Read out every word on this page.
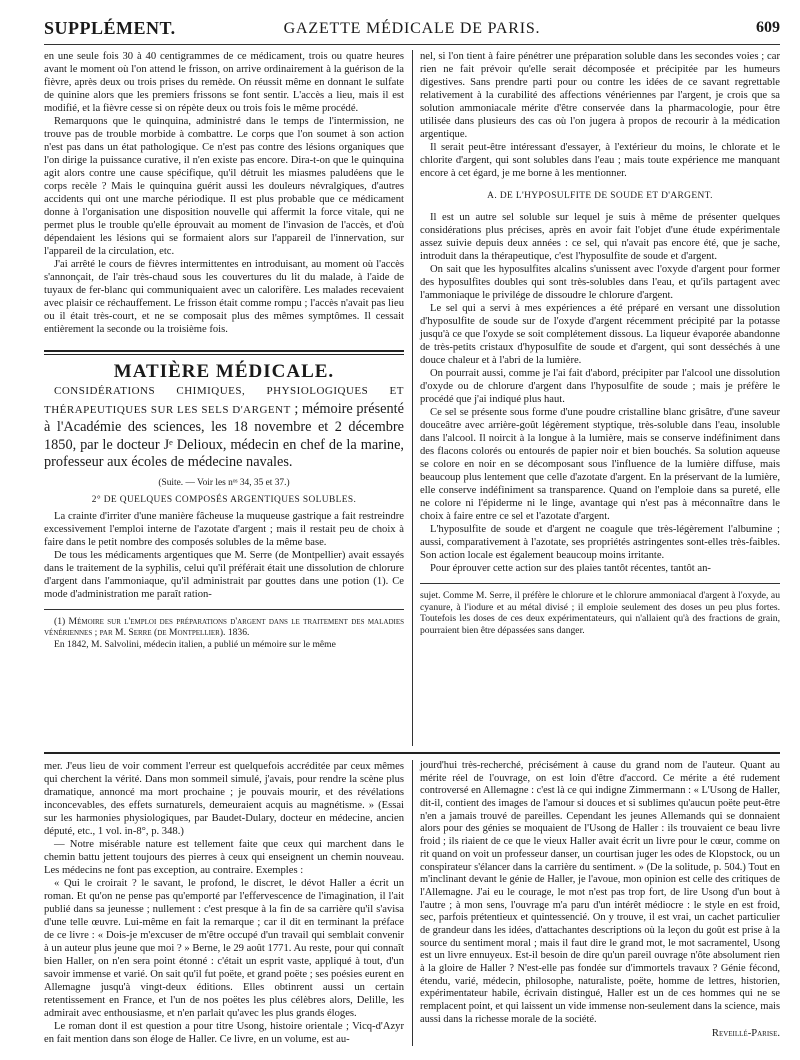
SUPPLÉMENT.	GAZETTE MÉDICALE DE PARIS.	609

en une seule fois 30 à 40 centigrammes de ce médicament, trois ou quatre heures avant le moment où l'on attend le frisson, on arrive ordinairement à la guérison de la fièvre, après deux ou trois prises du remède. On réussit même en donnant le sulfate de quinine alors que les premiers frissons se font sentir. L'accès a lieu, mais il est modifié, et la fièvre cesse si on répète deux ou trois fois le même procédé.

Remarquons que le quinquina, administré dans le temps de l'intermission, ne trouve pas de trouble morbide à combattre. Le corps que l'on soumet à son action n'est pas dans un état pathologique. Ce n'est pas contre des lésions organiques que l'on dirige la puissance curative, il n'en existe pas encore. Dira-t-on que le quinquina agit alors contre une cause spécifique, qu'il détruit les miasmes paludéens que le corps recèle ? Mais le quinquina guérit aussi les douleurs névralgiques, d'autres accidents qui ont une marche périodique. Il est plus probable que ce médicament donne à l'organisation une disposition nouvelle qui affermit la force vitale, qui ne permet plus le trouble qu'elle éprouvait au moment de l'invasion de l'accès, et d'où dépendaient les lésions qui se formaient alors sur l'appareil de l'innervation, sur l'appareil de la circulation, etc.

J'ai arrêté le cours de fièvres intermittentes en introduisant, au moment où l'accès s'annonçait, de l'air très-chaud sous les couvertures du lit du malade, à l'aide de tuyaux de fer-blanc qui communiquaient avec un calorifère. Les malades recevaient avec plaisir ce réchauffement. Le frisson était comme rompu ; l'accès n'avait pas lieu ou il était très-court, et ne se composait plus des mêmes symptômes. Il cessait entièrement la seconde ou la troisième fois.

MATIÈRE MÉDICALE.
CONSIDÉRATIONS CHIMIQUES, PHYSIOLOGIQUES ET THÉRAPEUTIQUES SUR LES SELS D'ARGENT ; mémoire présenté à l'Académie des sciences, les 18 novembre et 2 décembre 1850, par le docteur Jᵉ Delioux, médecin en chef de la marine, professeur aux écoles de médecine navales.
(Suite. — Voir les nᵒˢ 34, 35 et 37.)
2° DE QUELQUES COMPOSÉS ARGENTIQUES SOLUBLES.

La crainte d'irriter d'une manière fâcheuse la muqueuse gastrique a fait restreindre excessivement l'emploi interne de l'azotate d'argent ; mais il restait peu de choix à faire dans le petit nombre des composés solubles de la même base.

De tous les médicaments argentiques que M. Serre (de Montpellier) avait essayés dans le traitement de la syphilis, celui qu'il préférait était une dissolution de chlorure d'argent dans l'ammoniaque, qu'il administrait par gouttes dans une potion (1). Ce mode d'administration me paraît ration-

(1) Mémoire sur l'emploi des préparations d'argent dans le traitement des maladies vénériennes ; par M. Serre (de Montpellier). 1836.

En 1842, M. Salvolini, médecin italien, a publié un mémoire sur le même

nel, si l'on tient à faire pénétrer une préparation soluble dans les secondes voies ; car rien ne fait prévoir qu'elle serait décomposée et précipitée par les humeurs digestives. Sans prendre parti pour ou contre les idées de ce savant regrettable relativement à la curabilité des affections vénériennes par l'argent, je crois que sa solution ammoniacale mérite d'être conservée dans la pharmacologie, pour être utilisée dans plusieurs des cas où l'on jugera à propos de recourir à la médication argentique.

Il serait peut-être intéressant d'essayer, à l'extérieur du moins, le chlorate et le chlorite d'argent, qui sont solubles dans l'eau ; mais toute expérience me manquant encore à cet égard, je me borne à les mentionner.

A. DE L'HYPOSULFITE DE SOUDE ET D'ARGENT.

Il est un autre sel soluble sur lequel je suis à même de présenter quelques considérations plus précises, après en avoir fait l'objet d'une étude expérimentale assez suivie depuis deux années : ce sel, qui n'avait pas encore été, que je sache, introduit dans la thérapeutique, c'est l'hyposulfite de soude et d'argent.

On sait que les hyposulfites alcalins s'unissent avec l'oxyde d'argent pour former des hyposulfites doubles qui sont très-solubles dans l'eau, et qu'ils partagent avec l'ammoniaque le privilége de dissoudre le chlorure d'argent.

Le sel qui a servi à mes expériences a été préparé en versant une dissolution d'hyposulfite de soude sur de l'oxyde d'argent récemment précipité par la potasse jusqu'à ce que l'oxyde se soit complétement dissous. La liqueur évaporée abandonne de très-petits cristaux d'hyposulfite de soude et d'argent, qui sont desséchés à une douce chaleur et à l'abri de la lumière.

On pourrait aussi, comme je l'ai fait d'abord, précipiter par l'alcool une dissolution d'oxyde ou de chlorure d'argent dans l'hyposulfite de soude ; mais je préfère le procédé que j'ai indiqué plus haut.

Ce sel se présente sous forme d'une poudre cristalline blanc grisâtre, d'une saveur douceâtre avec arrière-goût légèrement styptique, très-soluble dans l'eau, insoluble dans l'alcool. Il noircit à la longue à la lumière, mais se conserve indéfiniment dans des flacons colorés ou entourés de papier noir et bien bouchés. Sa solution aqueuse se colore en noir en se décomposant sous l'influence de la lumière diffuse, mais beaucoup plus lentement que celle d'azotate d'argent. En la préservant de la lumière, elle conserve indéfiniment sa transparence. Quand on l'emploie dans sa pureté, elle ne colore ni l'épiderme ni le linge, avantage qui n'est pas à méconnaître dans le choix à faire entre ce sel et l'azotate d'argent.

L'hyposulfite de soude et d'argent ne coagule que très-légèrement l'albumine ; aussi, comparativement à l'azotate, ses propriétés astringentes sont-elles très-faibles. Son action locale est également beaucoup moins irritante.

Pour éprouver cette action sur des plaies tantôt récentes, tantôt an-

sujet. Comme M. Serre, il préfère le chlorure et le chlorure ammoniacal d'argent à l'oxyde, au cyanure, à l'iodure et au métal divisé ; il emploie seulement des doses un peu plus fortes. Toutefois les doses de ces deux expérimentateurs, qui n'allaient qu'à des fractions de grain, pourraient bien être dépassées sans danger.

mer. J'eus lieu de voir comment l'erreur est quelquefois accréditée par ceux mêmes qui cherchent la vérité. Dans mon sommeil simulé, j'avais, pour rendre la scène plus dramatique, annoncé ma mort prochaine ; je pouvais mourir, et des révélations inconcevables, des effets surnaturels, demeuraient acquis au magnétisme. » (Essai sur les harmonies physiologiques, par Baudet-Dulary, docteur en médecine, ancien député, etc., 1 vol. in-8°, p. 348.)

— Notre misérable nature est tellement faite que ceux qui marchent dans le chemin battu jettent toujours des pierres à ceux qui enseignent un chemin nouveau. Les médecins ne font pas exception, au contraire. Exemples :

« Qui le croirait ? le savant, le profond, le discret, le dévot Haller a écrit un roman. Et qu'on ne pense pas qu'emporté par l'effervescence de l'imagination, il l'ait publié dans sa jeunesse ; nullement : c'est presque à la fin de sa carrière qu'il s'avisa d'une telle œuvre. Lui-même en fait la remarque ; car il dit en terminant la préface de ce livre : « Dois-je m'excuser de m'être occupé d'un travail qui semblait convenir à un auteur plus jeune que moi ? » Berne, le 29 août 1771. Au reste, pour qui connaît bien Haller, on n'en sera point étonné : c'était un esprit vaste, appliqué à tout, d'un savoir immense et varié. On sait qu'il fut poëte, et grand poëte ; ses poésies eurent en Allemagne jusqu'à vingt-deux éditions. Elles obtinrent aussi un certain retentissement en France, et l'un de nos poëtes les plus célèbres alors, Delille, les admirait avec enthousiasme, et n'en parlait qu'avec les plus grands éloges.

Le roman dont il est question a pour titre Usong, histoire orientale ; Vicq-d'Azyr en fait mention dans son éloge de Haller. Ce livre, en un volume, est au-

jourd'hui très-recherché, précisément à cause du grand nom de l'auteur. Quant au mérite réel de l'ouvrage, on est loin d'être d'accord. Ce mérite a été rudement controversé en Allemagne : c'est là ce qui indigne Zimmermann : « L'Usong de Haller, dit-il, contient des images de l'amour si douces et si sublimes qu'aucun poëte peut-être n'en a jamais trouvé de pareilles. Cependant les jeunes Allemands qui se donnaient alors pour des génies se moquaient de l'Usong de Haller : ils trouvaient ce beau livre froid ; ils riaient de ce que le vieux Haller avait écrit un livre pour le cœur, comme on rit quand on voit un professeur danser, un courtisan juger les odes de Klopstock, ou un conspirateur s'élancer dans la carrière du sentiment. » (De la solitude, p. 504.) Tout en m'inclinant devant le génie de Haller, je l'avoue, mon opinion est celle des critiques de l'Allemagne. J'ai eu le courage, le mot n'est pas trop fort, de lire Usong d'un bout à l'autre ; à mon sens, l'ouvrage m'a paru d'un intérêt médiocre : le style en est froid, sec, parfois prétentieux et quintessencié. On y trouve, il est vrai, un cachet particulier de grandeur dans les idées, d'attachantes descriptions où la leçon du goût est prise à la source du sentiment moral ; mais il faut dire le grand mot, le mot sacramentel, Usong est un livre ennuyeux. Est-il besoin de dire qu'un pareil ouvrage n'ôte absolument rien à la gloire de Haller ? N'est-elle pas fondée sur d'immortels travaux ? Génie fécond, étendu, varié, médecin, philosophe, naturaliste, poëte, homme de lettres, historien, expérimentateur habile, écrivain distingué, Haller est un de ces hommes qui ne se remplacent point, et qui laissent un vide immense non-seulement dans la science, mais aussi dans la richesse morale de la société.

Reveillé-Parise.
